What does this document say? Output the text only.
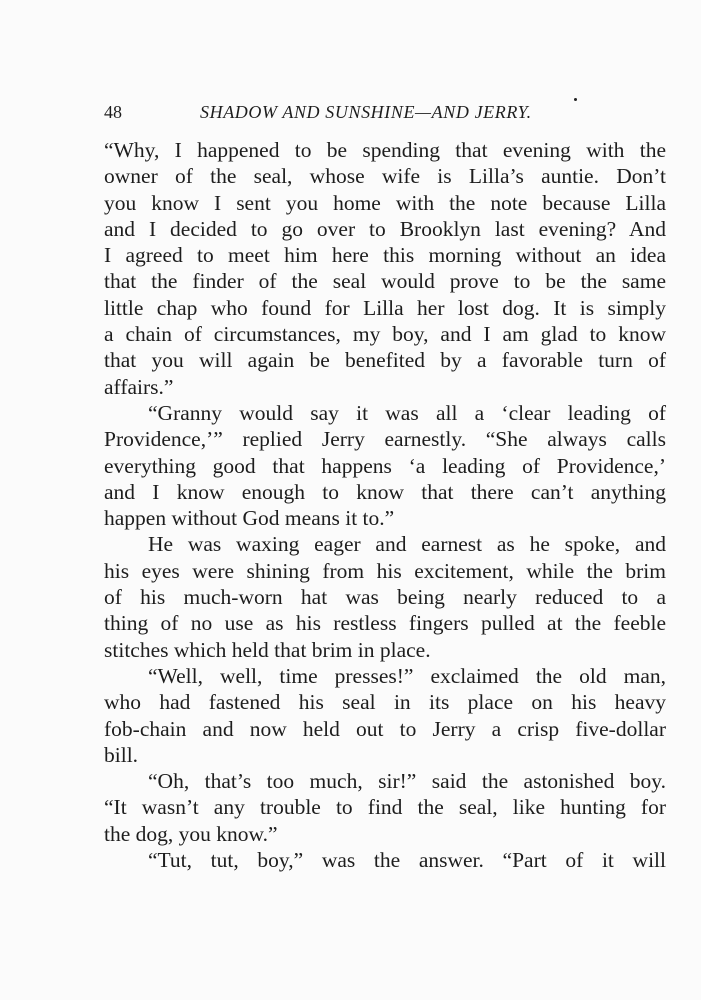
48	SHADOW AND SUNSHINE—AND JERRY.
“Why, I happened to be spending that evening with the
owner of the seal, whose wife is Lilla’s auntie. Don’t
you know I sent you home with the note because Lilla
and I decided to go over to Brooklyn last evening? And
I agreed to meet him here this morning without an idea
that the finder of the seal would prove to be the same
little chap who found for Lilla her lost dog. It is simply
a chain of circumstances, my boy, and I am glad to know
that you will again be benefited by a favorable turn of
affairs.”
“Granny would say it was all a ‘clear leading of
Providence,’” replied Jerry earnestly. “She always calls
everything good that happens ‘a leading of Providence,’
and I know enough to know that there can’t anything
happen without God means it to.”
He was waxing eager and earnest as he spoke, and
his eyes were shining from his excitement, while the brim
of his much-worn hat was being nearly reduced to a
thing of no use as his restless fingers pulled at the feeble
stitches which held that brim in place.
“Well, well, time presses!” exclaimed the old man,
who had fastened his seal in its place on his heavy
fob-chain and now held out to Jerry a crisp five-dollar
bill.
“Oh, that’s too much, sir!” said the astonished boy.
“It wasn’t any trouble to find the seal, like hunting for
the dog, you know.”
“Tut, tut, boy,” was the answer. “Part of it will
